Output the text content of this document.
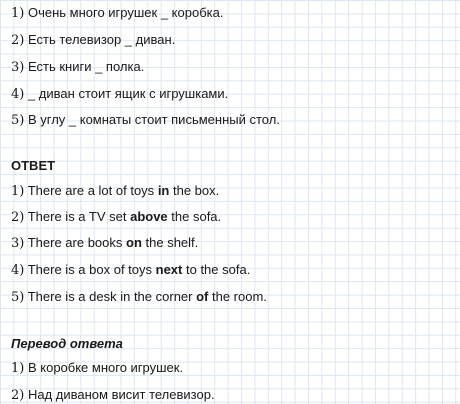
1) Очень много игрушек _ коробка.
2) Есть телевизор _ диван.
3) Есть книги _ полка.
4) _ диван стоит ящик с игрушками.
5) В углу _ комнаты стоит письменный стол.
ОТВЕТ
1) There are a lot of toys in the box.
2) There is a TV set above the sofa.
3) There are books on the shelf.
4) There is a box of toys next to the sofa.
5) There is a desk in the corner of the room.
Перевод ответа
1) В коробке много игрушек.
2) Над диваном висит телевизор.
